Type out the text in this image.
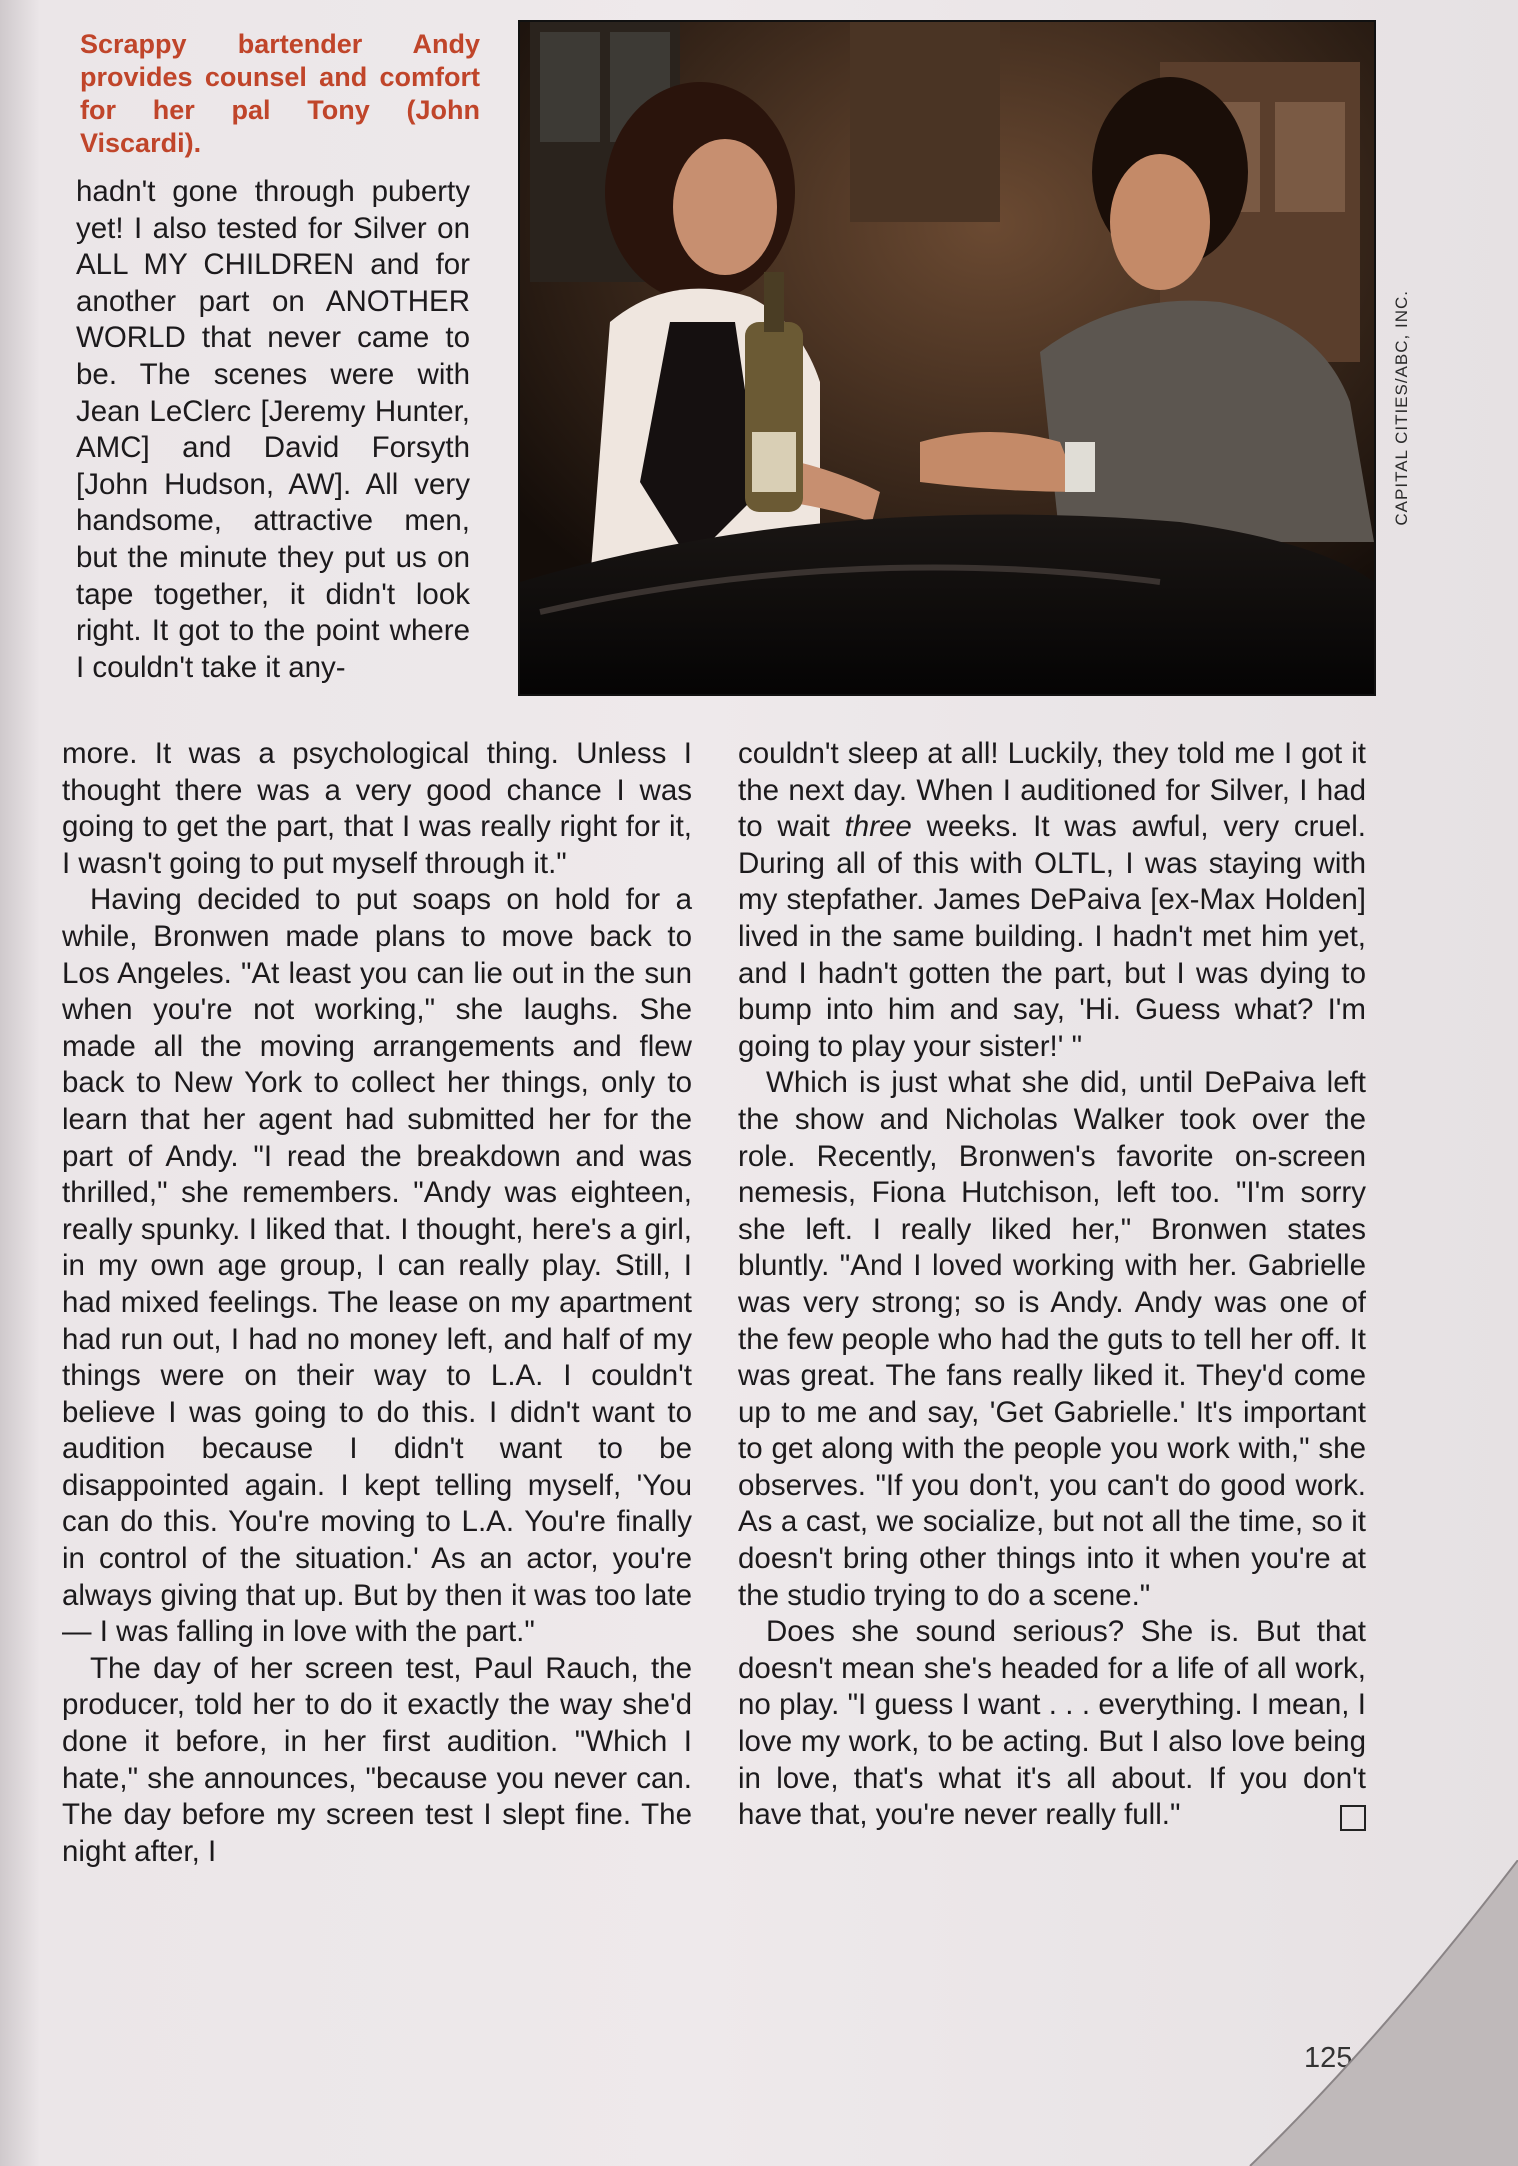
Scrappy bartender Andy provides counsel and comfort for her pal Tony (John Viscardi).
CAPITAL CITIES/ABC, INC.
hadn't gone through puberty yet! I also tested for Silver on ALL MY CHILDREN and for another part on ANOTHER WORLD that never came to be. The scenes were with Jean LeClerc [Jeremy Hunter, AMC] and David Forsyth [John Hudson, AW]. All very handsome, attractive men, but the minute they put us on tape together, it didn't look right. It got to the point where I couldn't take it any-

more. It was a psychological thing. Unless I thought there was a very good chance I was going to get the part, that I was really right for it, I wasn't going to put myself through it."

Having decided to put soaps on hold for a while, Bronwen made plans to move back to Los Angeles. "At least you can lie out in the sun when you're not working," she laughs. She made all the moving arrangements and flew back to New York to collect her things, only to learn that her agent had submitted her for the part of Andy. "I read the breakdown and was thrilled," she remembers. "Andy was eighteen, really spunky. I liked that. I thought, here's a girl, in my own age group, I can really play. Still, I had mixed feelings. The lease on my apartment had run out, I had no money left, and half of my things were on their way to L.A. I couldn't believe I was going to do this. I didn't want to audition because I didn't want to be disappointed again. I kept telling myself, 'You can do this. You're moving to L.A. You're finally in control of the situation.' As an actor, you're always giving that up. But by then it was too late — I was falling in love with the part."

The day of her screen test, Paul Rauch, the producer, told her to do it exactly the way she'd done it before, in her first audition. "Which I hate," she announces, "because you never can. The day before my screen test I slept fine. The night after, I

couldn't sleep at all! Luckily, they told me I got it the next day. When I auditioned for Silver, I had to wait three weeks. It was awful, very cruel. During all of this with OLTL, I was staying with my stepfather. James DePaiva [ex-Max Holden] lived in the same building. I hadn't met him yet, and I hadn't gotten the part, but I was dying to bump into him and say, 'Hi. Guess what? I'm going to play your sister!' "

Which is just what she did, until DePaiva left the show and Nicholas Walker took over the role. Recently, Bronwen's favorite on-screen nemesis, Fiona Hutchison, left too. "I'm sorry she left. I really liked her," Bronwen states bluntly. "And I loved working with her. Gabrielle was very strong; so is Andy. Andy was one of the few people who had the guts to tell her off. It was great. The fans really liked it. They'd come up to me and say, 'Get Gabrielle.' It's important to get along with the people you work with," she observes. "If you don't, you can't do good work. As a cast, we socialize, but not all the time, so it doesn't bring other things into it when you're at the studio trying to do a scene."

Does she sound serious? She is. But that doesn't mean she's headed for a life of all work, no play. "I guess I want . . . everything. I mean, I love my work, to be acting. But I also love being in love, that's what it's all about. If you don't have that, you're never really full."

125
